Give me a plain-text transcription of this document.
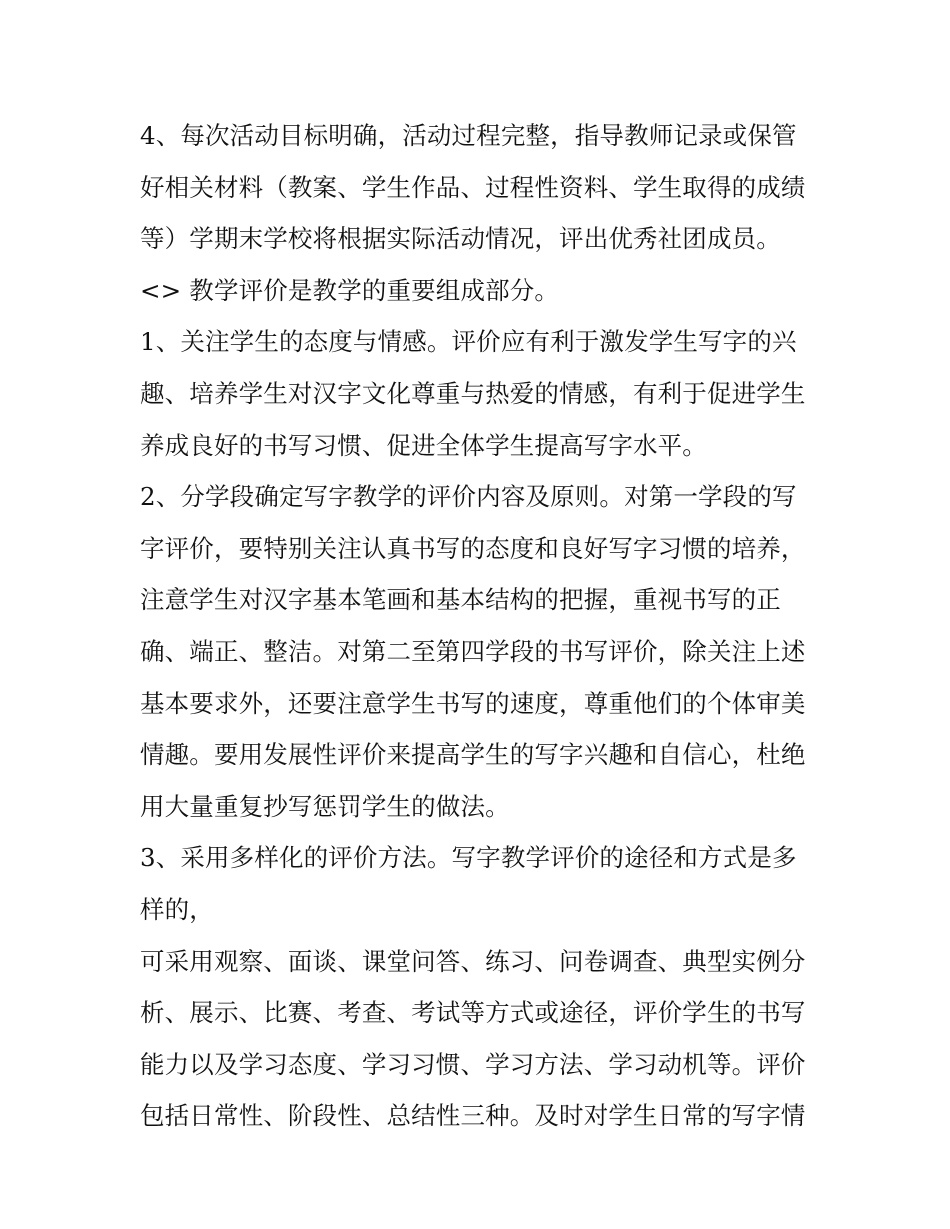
4、每次活动目标明确，活动过程完整，指导教师记录或保管
好相关材料（教案、学生作品、过程性资料、学生取得的成绩
等）学期末学校将根据实际活动情况，评出优秀社团成员。
<> 教学评价是教学的重要组成部分。
1、关注学生的态度与情感。评价应有利于激发学生写字的兴
趣、培养学生对汉字文化尊重与热爱的情感，有利于促进学生
养成良好的书写习惯、促进全体学生提高写字水平。
2、分学段确定写字教学的评价内容及原则。对第一学段的写
字评价，要特别关注认真书写的态度和良好写字习惯的培养，
注意学生对汉字基本笔画和基本结构的把握，重视书写的正
确、端正、整洁。对第二至第四学段的书写评价，除关注上述
基本要求外，还要注意学生书写的速度，尊重他们的个体审美
情趣。要用发展性评价来提高学生的写字兴趣和自信心，杜绝
用大量重复抄写惩罚学生的做法。
3、采用多样化的评价方法。写字教学评价的途径和方式是多
样的，
可采用观察、面谈、课堂问答、练习、问卷调查、典型实例分
析、展示、比赛、考查、考试等方式或途径，评价学生的书写
能力以及学习态度、学习习惯、学习方法、学习动机等。评价
包括日常性、阶段性、总结性三种。及时对学生日常的写字情
